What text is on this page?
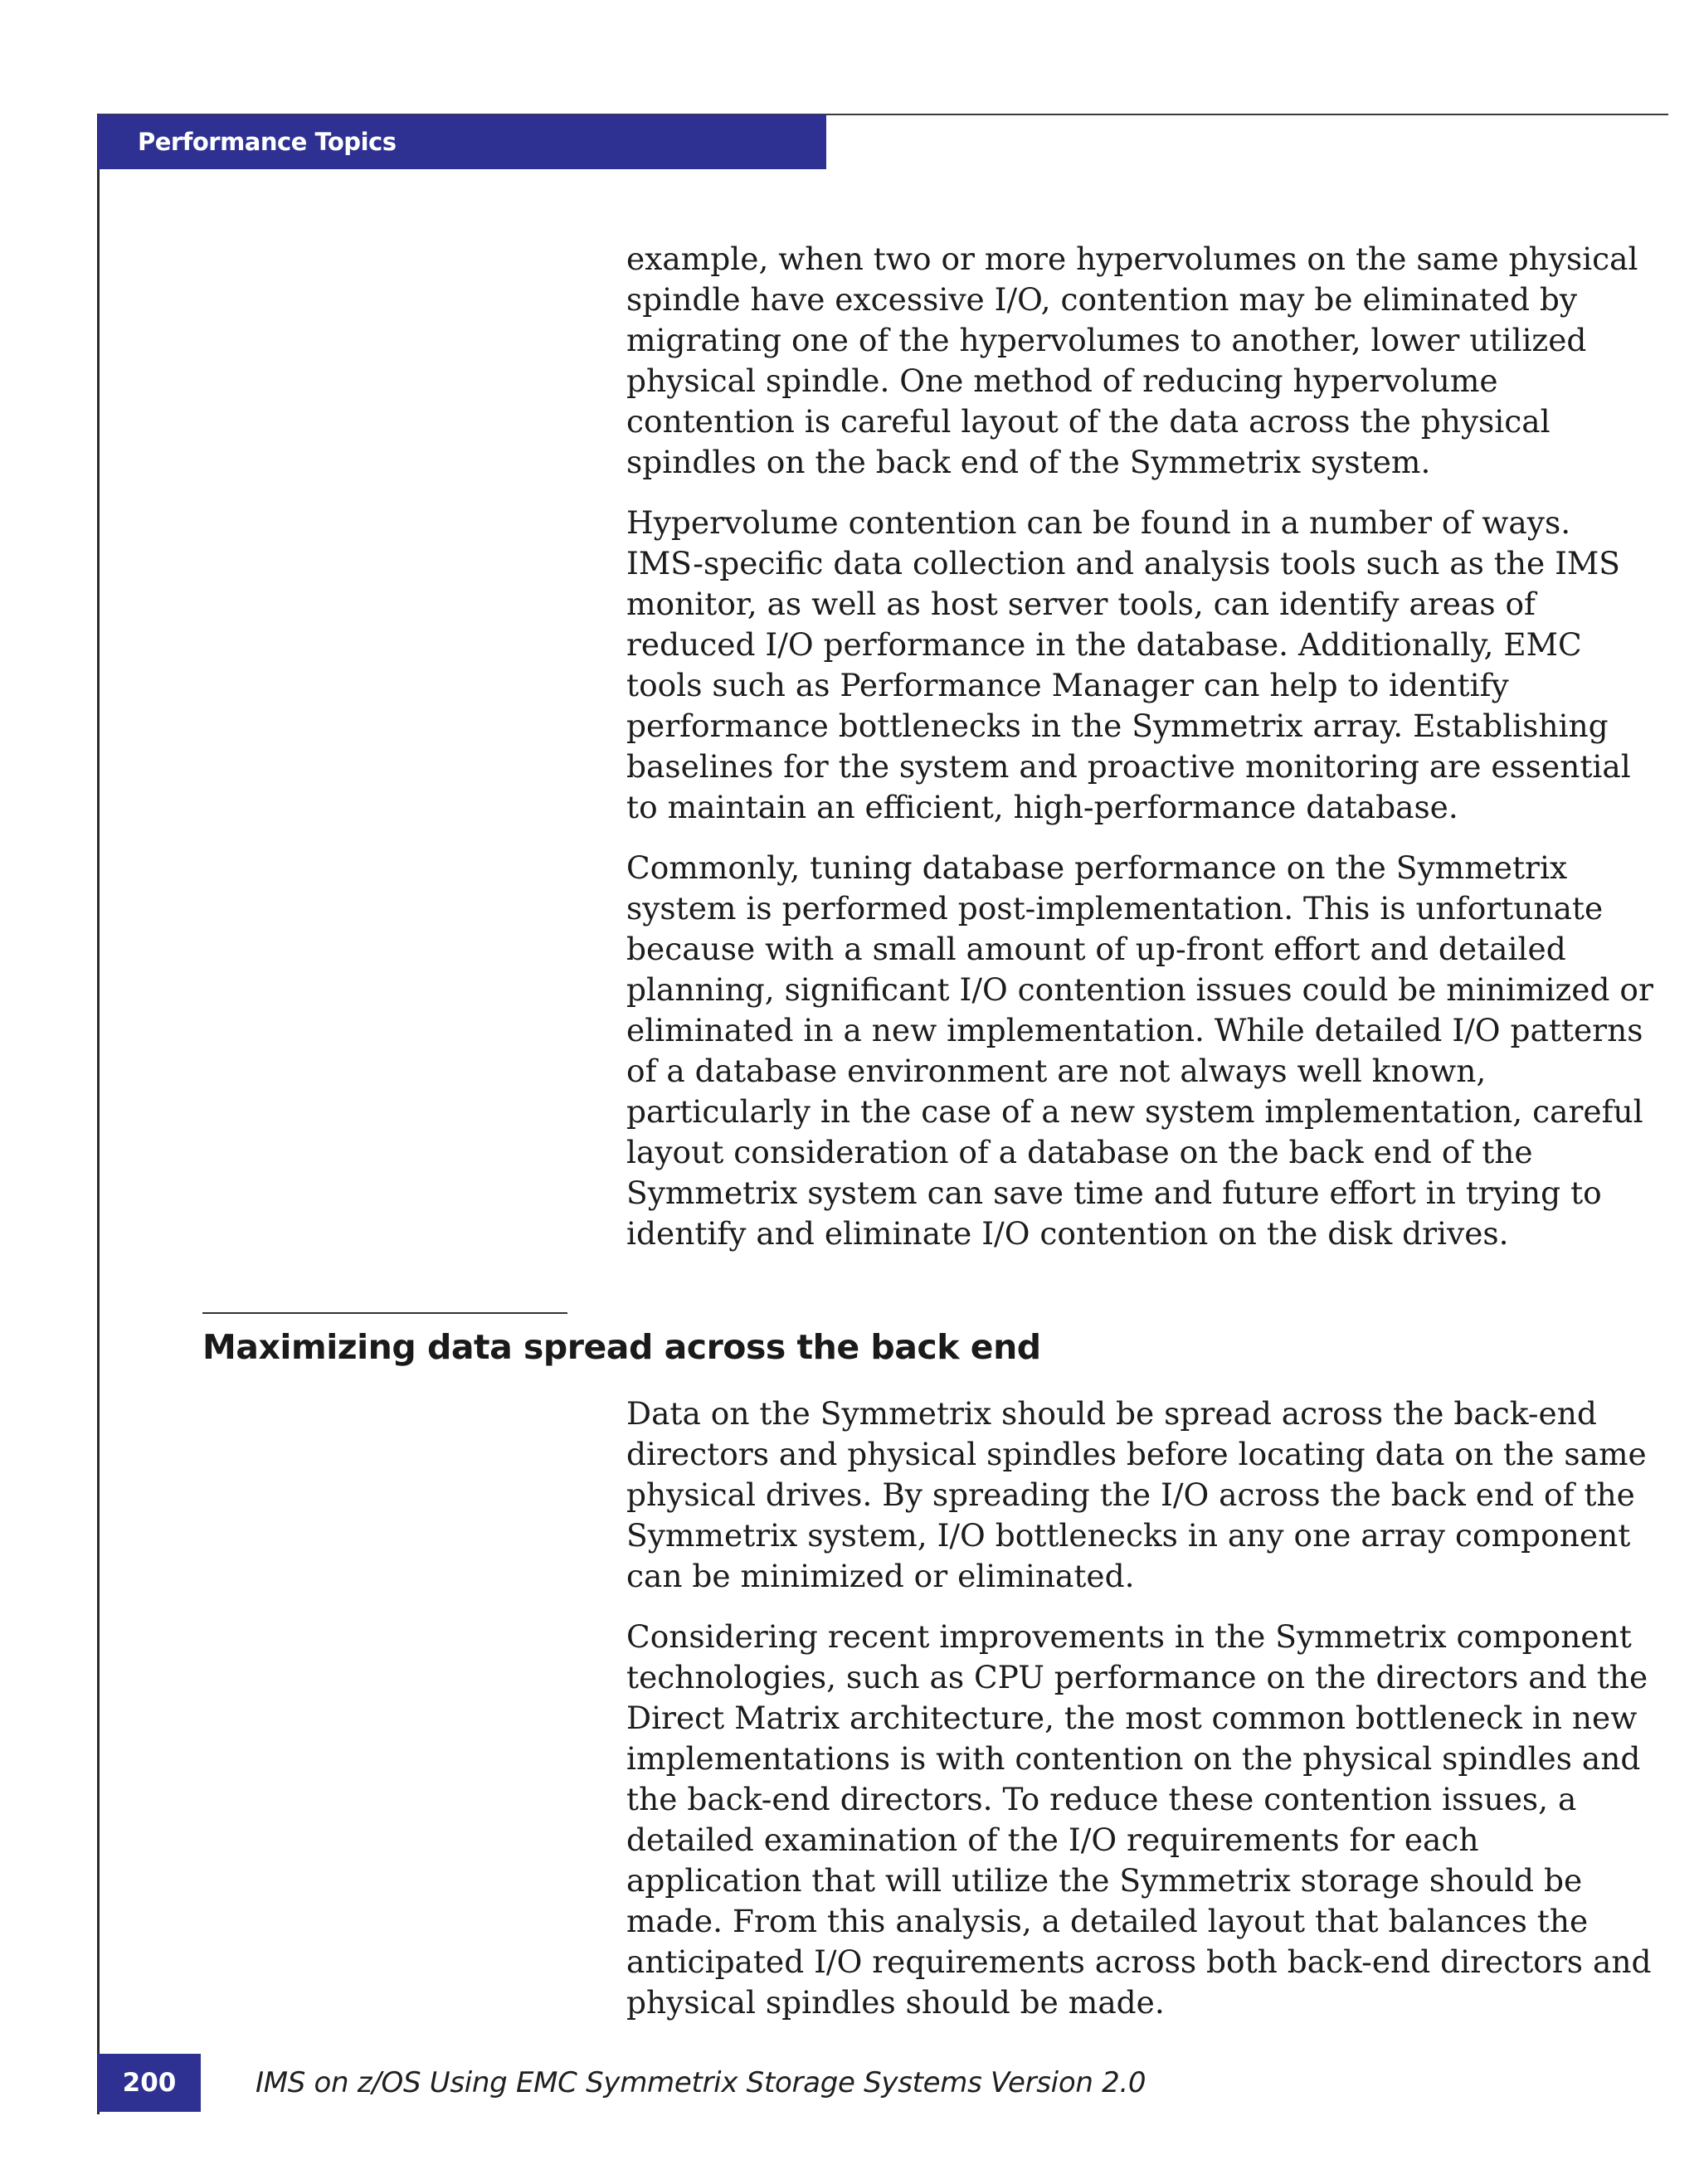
Performance Topics

example, when two or more hypervolumes on the same physical spindle have excessive I/O, contention may be eliminated by migrating one of the hypervolumes to another, lower utilized physical spindle. One method of reducing hypervolume contention is careful layout of the data across the physical spindles on the back end of the Symmetrix system.

Hypervolume contention can be found in a number of ways. IMS-specific data collection and analysis tools such as the IMS monitor, as well as host server tools, can identify areas of reduced I/O performance in the database. Additionally, EMC tools such as Performance Manager can help to identify performance bottlenecks in the Symmetrix array. Establishing baselines for the system and proactive monitoring are essential to maintain an efficient, high-performance database.

Commonly, tuning database performance on the Symmetrix system is performed post-implementation. This is unfortunate because with a small amount of up-front effort and detailed planning, significant I/O contention issues could be minimized or eliminated in a new implementation. While detailed I/O patterns of a database environment are not always well known, particularly in the case of a new system implementation, careful layout consideration of a database on the back end of the Symmetrix system can save time and future effort in trying to identify and eliminate I/O contention on the disk drives.

Maximizing data spread across the back end

Data on the Symmetrix should be spread across the back-end directors and physical spindles before locating data on the same physical drives. By spreading the I/O across the back end of the Symmetrix system, I/O bottlenecks in any one array component can be minimized or eliminated.

Considering recent improvements in the Symmetrix component technologies, such as CPU performance on the directors and the Direct Matrix architecture, the most common bottleneck in new implementations is with contention on the physical spindles and the back-end directors. To reduce these contention issues, a detailed examination of the I/O requirements for each application that will utilize the Symmetrix storage should be made. From this analysis, a detailed layout that balances the anticipated I/O requirements across both back-end directors and physical spindles should be made.

200	IMS on z/OS Using EMC Symmetrix Storage Systems Version 2.0
